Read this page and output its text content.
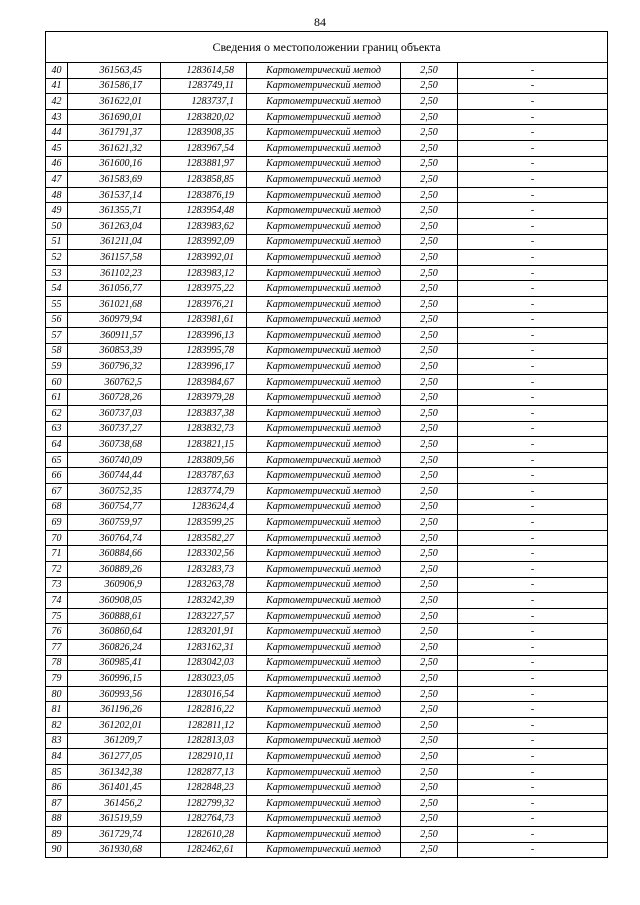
84
Сведения о местоположении границ объекта					
40	361563,45	1283614,58	Картометрический метод	2,50	-
41	361586,17	1283749,11	Картометрический метод	2,50	-
42	361622,01	1283737,1	Картометрический метод	2,50	-
43	361690,01	1283820,02	Картометрический метод	2,50	-
44	361791,37	1283908,35	Картометрический метод	2,50	-
45	361621,32	1283967,54	Картометрический метод	2,50	-
46	361600,16	1283881,97	Картометрический метод	2,50	-
47	361583,69	1283858,85	Картометрический метод	2,50	-
48	361537,14	1283876,19	Картометрический метод	2,50	-
49	361355,71	1283954,48	Картометрический метод	2,50	-
50	361263,04	1283983,62	Картометрический метод	2,50	-
51	361211,04	1283992,09	Картометрический метод	2,50	-
52	361157,58	1283992,01	Картометрический метод	2,50	-
53	361102,23	1283983,12	Картометрический метод	2,50	-
54	361056,77	1283975,22	Картометрический метод	2,50	-
55	361021,68	1283976,21	Картометрический метод	2,50	-
56	360979,94	1283981,61	Картометрический метод	2,50	-
57	360911,57	1283996,13	Картометрический метод	2,50	-
58	360853,39	1283995,78	Картометрический метод	2,50	-
59	360796,32	1283996,17	Картометрический метод	2,50	-
60	360762,5	1283984,67	Картометрический метод	2,50	-
61	360728,26	1283979,28	Картометрический метод	2,50	-
62	360737,03	1283837,38	Картометрический метод	2,50	-
63	360737,27	1283832,73	Картометрический метод	2,50	-
64	360738,68	1283821,15	Картометрический метод	2,50	-
65	360740,09	1283809,56	Картометрический метод	2,50	-
66	360744,44	1283787,63	Картометрический метод	2,50	-
67	360752,35	1283774,79	Картометрический метод	2,50	-
68	360754,77	1283624,4	Картометрический метод	2,50	-
69	360759,97	1283599,25	Картометрический метод	2,50	-
70	360764,74	1283582,27	Картометрический метод	2,50	-
71	360884,66	1283302,56	Картометрический метод	2,50	-
72	360889,26	1283283,73	Картометрический метод	2,50	-
73	360906,9	1283263,78	Картометрический метод	2,50	-
74	360908,05	1283242,39	Картометрический метод	2,50	-
75	360888,61	1283227,57	Картометрический метод	2,50	-
76	360860,64	1283201,91	Картометрический метод	2,50	-
77	360826,24	1283162,31	Картометрический метод	2,50	-
78	360985,41	1283042,03	Картометрический метод	2,50	-
79	360996,15	1283023,05	Картометрический метод	2,50	-
80	360993,56	1283016,54	Картометрический метод	2,50	-
81	361196,26	1282816,22	Картометрический метод	2,50	-
82	361202,01	1282811,12	Картометрический метод	2,50	-
83	361209,7	1282813,03	Картометрический метод	2,50	-
84	361277,05	1282910,11	Картометрический метод	2,50	-
85	361342,38	1282877,13	Картометрический метод	2,50	-
86	361401,45	1282848,23	Картометрический метод	2,50	-
87	361456,2	1282799,32	Картометрический метод	2,50	-
88	361519,59	1282764,73	Картометрический метод	2,50	-
89	361729,74	1282610,28	Картометрический метод	2,50	-
90	361930,68	1282462,61	Картометрический метод	2,50	-
